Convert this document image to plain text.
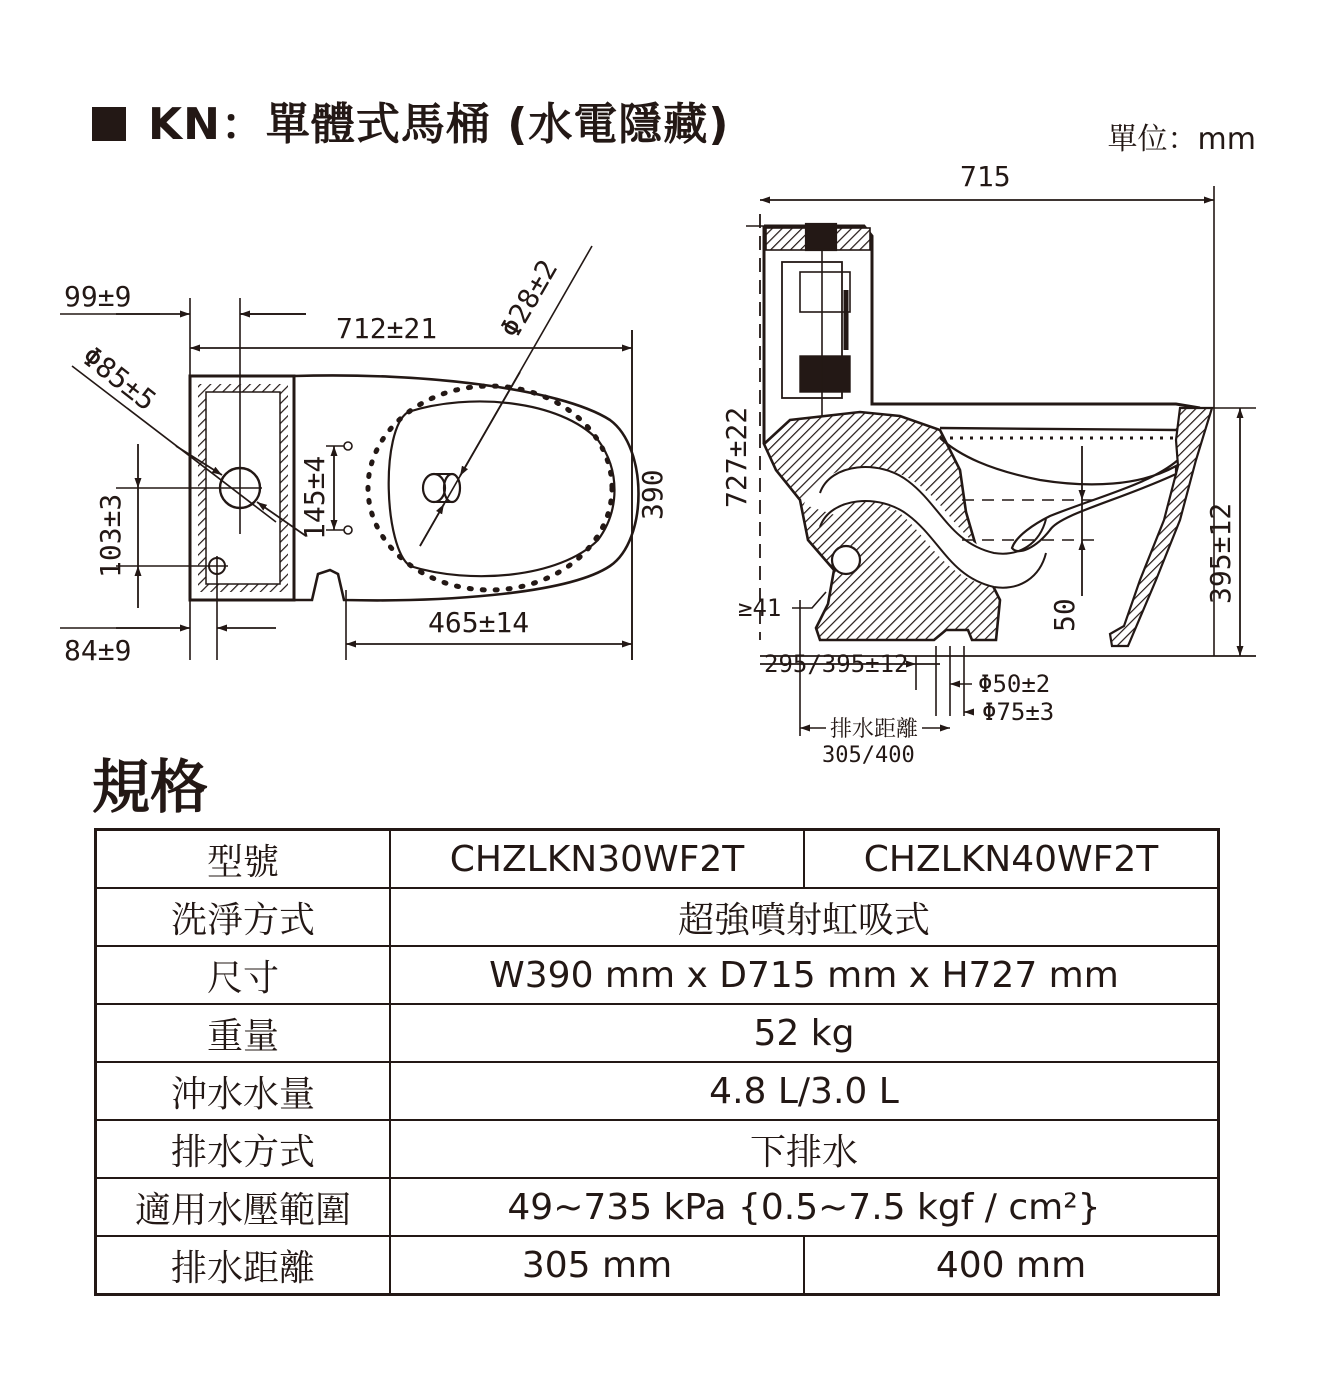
KN：單體式馬桶 (水電隱藏)	單位：mm
99±9
712±21 Φ28±2
Φ85±5
103±3	145±4	390
465±14
84±9
715
727±22
≥41
295/395±12
Φ50±2
Φ75±3
排水距離
305/400
50
395±12
規格
型號	CHZLKN30WF2T	CHZLKN40WF2T
洗淨方式	超強噴射虹吸式	
尺寸	W390 mm x D715 mm x H727 mm	
重量	52 kg	
沖水水量	4.8 L/3.0 L	
排水方式	下排水	
適用水壓範圍	49~735 kPa {0.5~7.5 kgf / cm²}	
排水距離	305 mm	400 mm
